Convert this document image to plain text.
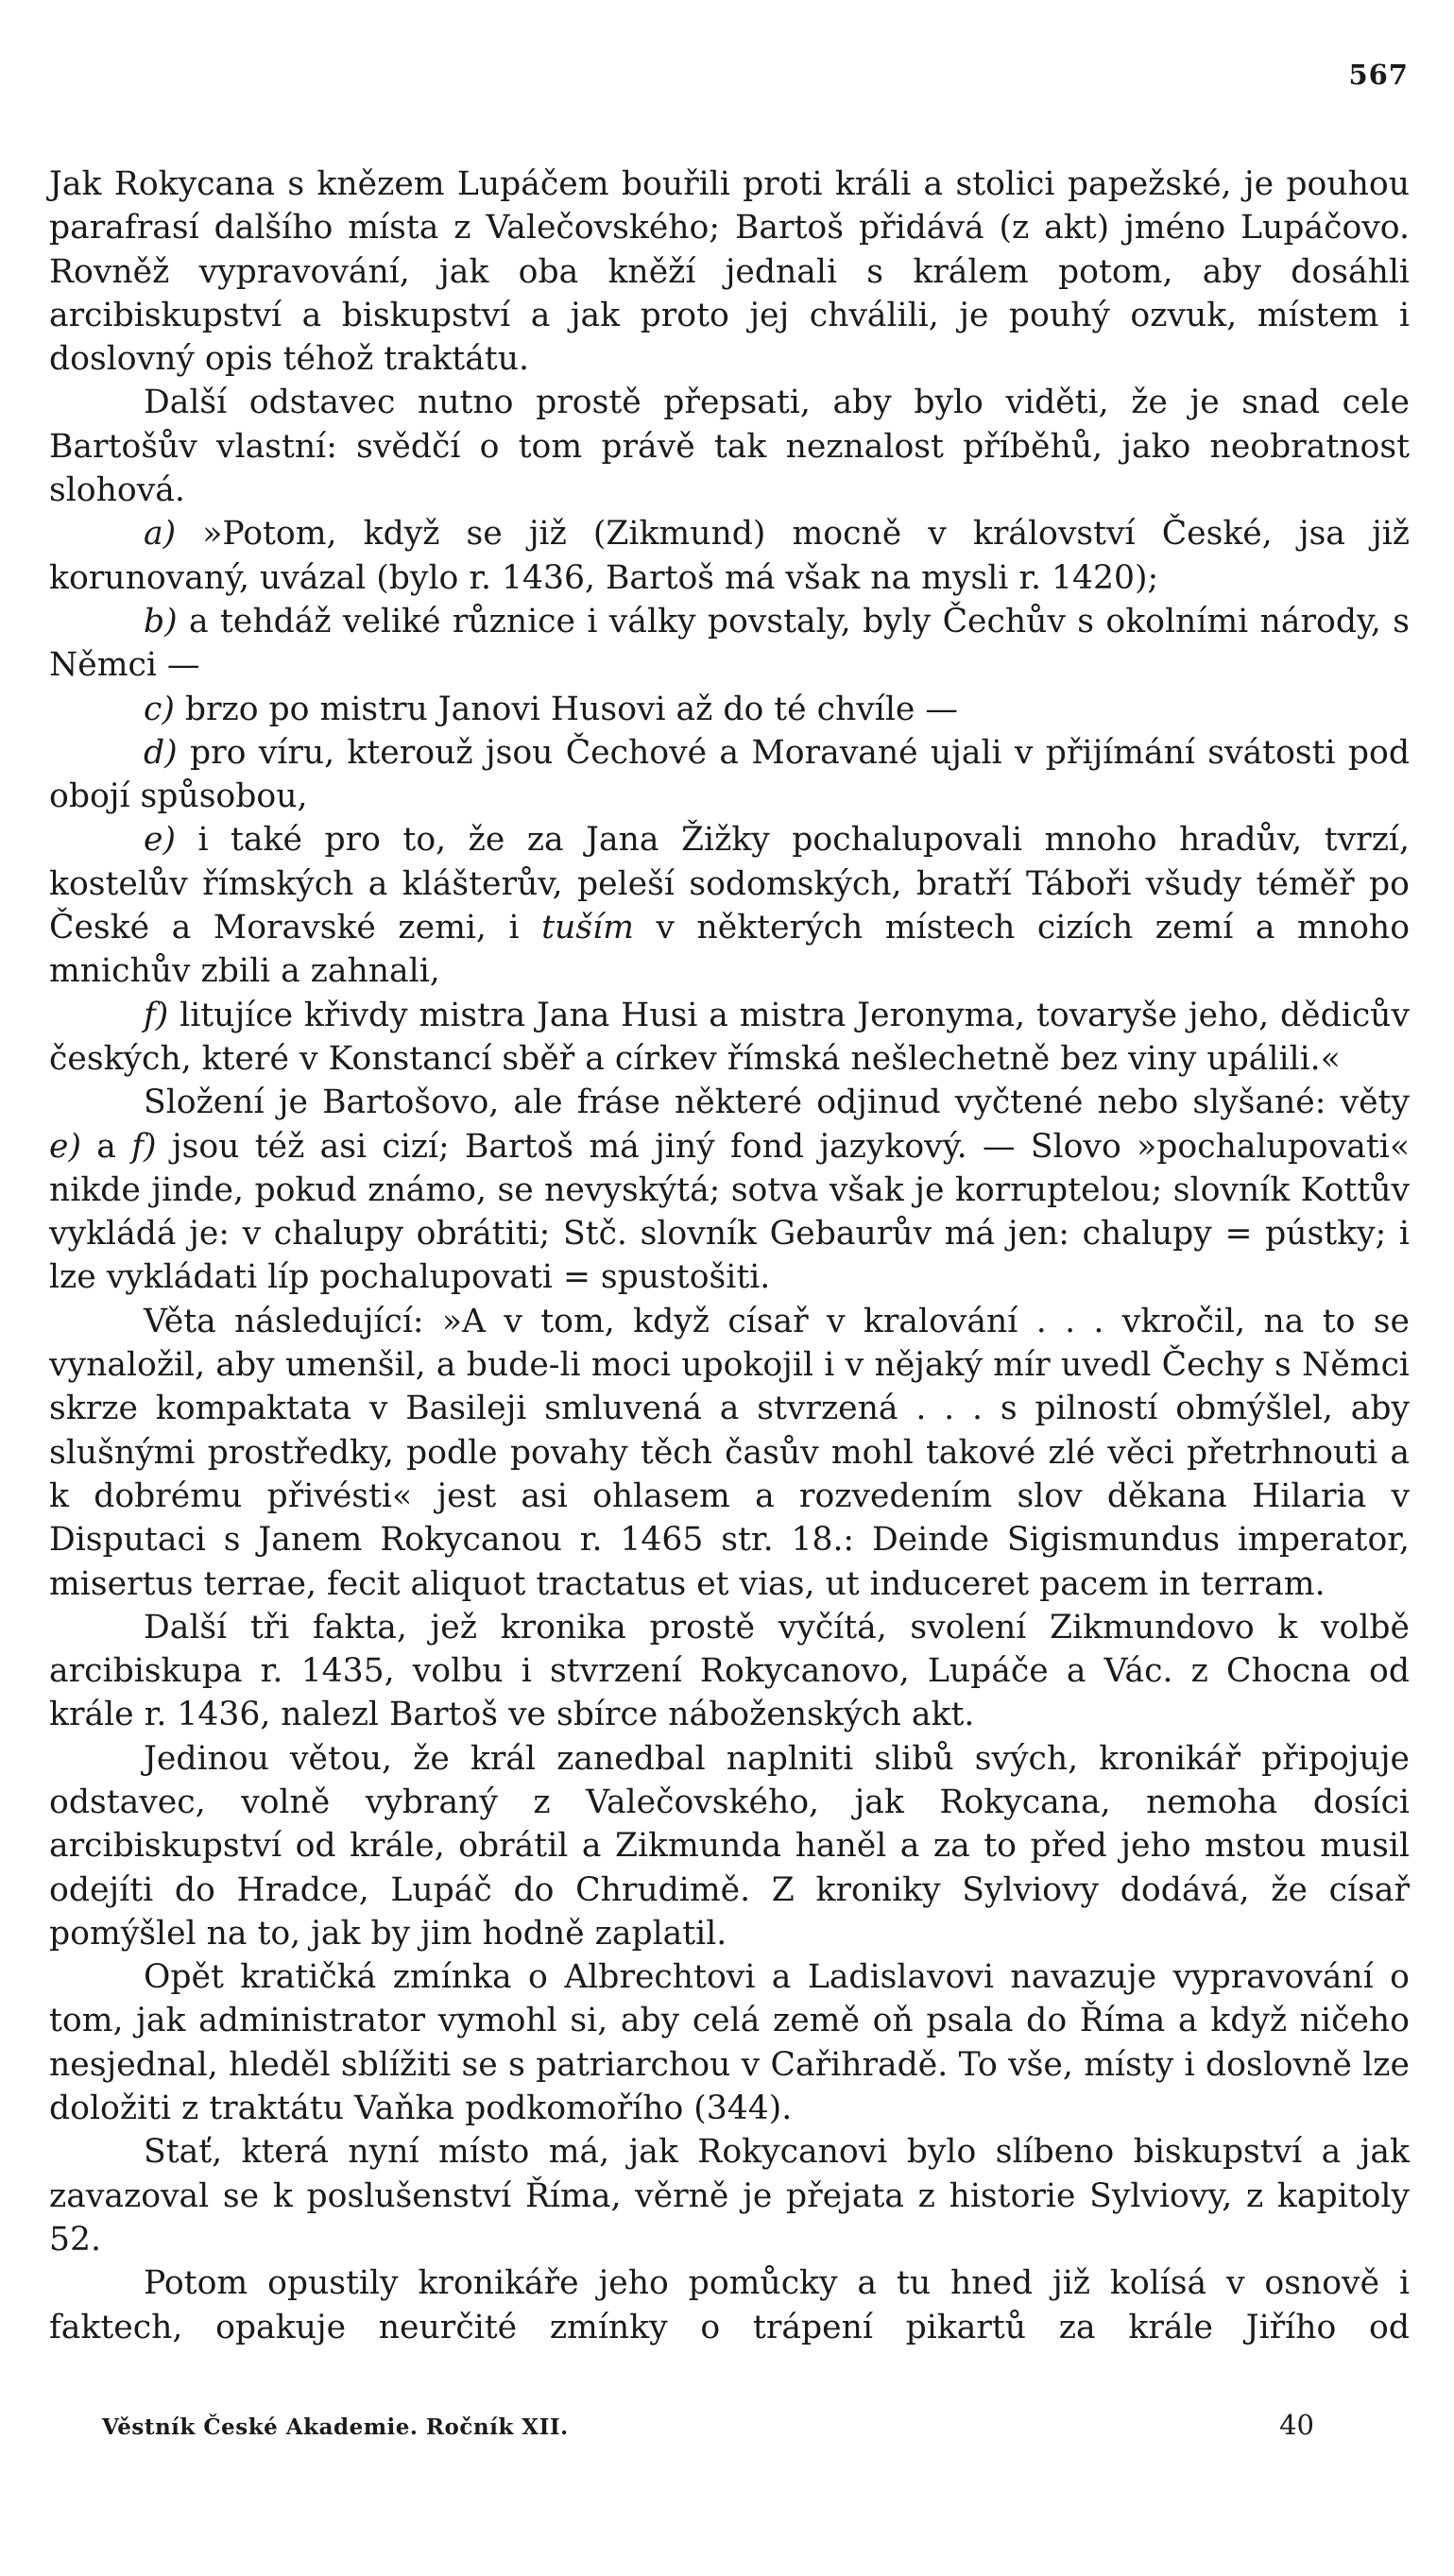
567

Jak Rokycana s knězem Lupáčem bouřili proti králi a stolici papežské, je pouhou parafrasí dalšího místa z Valečovského; Bartoš přidává (z akt) jméno Lupáčovo. Rovněž vypravování, jak oba kněží jednali s králem potom, aby dosáhli arcibiskupství a biskupství a jak proto jej chválili, je pouhý ozvuk, místem i doslovný opis téhož traktátu.

Další odstavec nutno prostě přepsati, aby bylo viděti, že je snad cele Bartošův vlastní: svědčí o tom právě tak neznalost příběhů, jako neobratnost slohová.

a) »Potom, když se již (Zikmund) mocně v království České, jsa již korunovaný, uvázal (bylo r. 1436, Bartoš má však na mysli r. 1420);

b) a tehdáž veliké různice i války povstaly, byly Čechův s okolními národy, s Němci —

c) brzo po mistru Janovi Husovi až do té chvíle —

d) pro víru, kterouž jsou Čechové a Moravané ujali v přijímání svátosti pod obojí spůsobou,

e) i také pro to, že za Jana Žižky pochalupovali mnoho hradův, tvrzí, kostelův římských a klášterův, peleší sodomských, bratří Táboři všudy téměř po České a Moravské zemi, i tuším v některých místech cizích zemí a mnoho mnichův zbili a zahnali,

f) litujíce křivdy mistra Jana Husi a mistra Jeronyma, tovaryše jeho, dědicův českých, které v Konstancí sběř a církev římská nešlechetně bez viny upálili.«

Složení je Bartošovo, ale fráse některé odjinud vyčtené nebo slyšané: věty e) a f) jsou též asi cizí; Bartoš má jiný fond jazykový. — Slovo »pochalupovati« nikde jinde, pokud známo, se nevyskýtá; sotva však je korruptelou; slovník Kottův vykládá je: v chalupy obrátiti; Stč. slovník Gebaurův má jen: chalupy = pústky; i lze vykládati líp pochalupovati = spustošiti.

Věta následující: »A v tom, když císař v kralování . . . vkročil, na to se vynaložil, aby umenšil, a bude-li moci upokojil i v nějaký mír uvedl Čechy s Němci skrze kompaktata v Basileji smluvená a stvrzená . . . s pilností obmýšlel, aby slušnými prostředky, podle povahy těch časův mohl takové zlé věci přetrhnouti a k dobrému přivésti« jest asi ohlasem a rozvedením slov děkana Hilaria v Disputaci s Janem Rokycanou r. 1465 str. 18.: Deinde Sigismundus imperator, misertus terrae, fecit aliquot tractatus et vias, ut induceret pacem in terram.

Další tři fakta, jež kronika prostě vyčítá, svolení Zikmundovo k volbě arcibiskupa r. 1435, volbu i stvrzení Rokycanovo, Lupáče a Vác. z Chocna od krále r. 1436, nalezl Bartoš ve sbírce náboženských akt.

Jedinou větou, že král zanedbal naplniti slibů svých, kronikář připojuje odstavec, volně vybraný z Valečovského, jak Rokycana, nemoha dosíci arcibiskupství od krále, obrátil a Zikmunda haněl a za to před jeho mstou musil odejíti do Hradce, Lupáč do Chrudimě. Z kroniky Sylviovy dodává, že císař pomýšlel na to, jak by jim hodně zaplatil.

Opět kratičká zmínka o Albrechtovi a Ladislavovi navazuje vypravování o tom, jak administrator vymohl si, aby celá země oň psala do Říma a když ničeho nesjednal, hleděl sblížiti se s patriarchou v Cařihradě. To vše, místy i doslovně lze doložiti z traktátu Vaňka podkomořího (344).

Stať, která nyní místo má, jak Rokycanovi bylo slíbeno biskupství a jak zavazoval se k poslušenství Říma, věrně je přejata z historie Sylviovy, z kapitoly 52.

Potom opustily kronikáře jeho pomůcky a tu hned již kolísá v osnově i faktech, opakuje neurčité zmínky o trápení pikartů za krále Jiřího od

Věstník České Akademie. Ročník XII.	40
